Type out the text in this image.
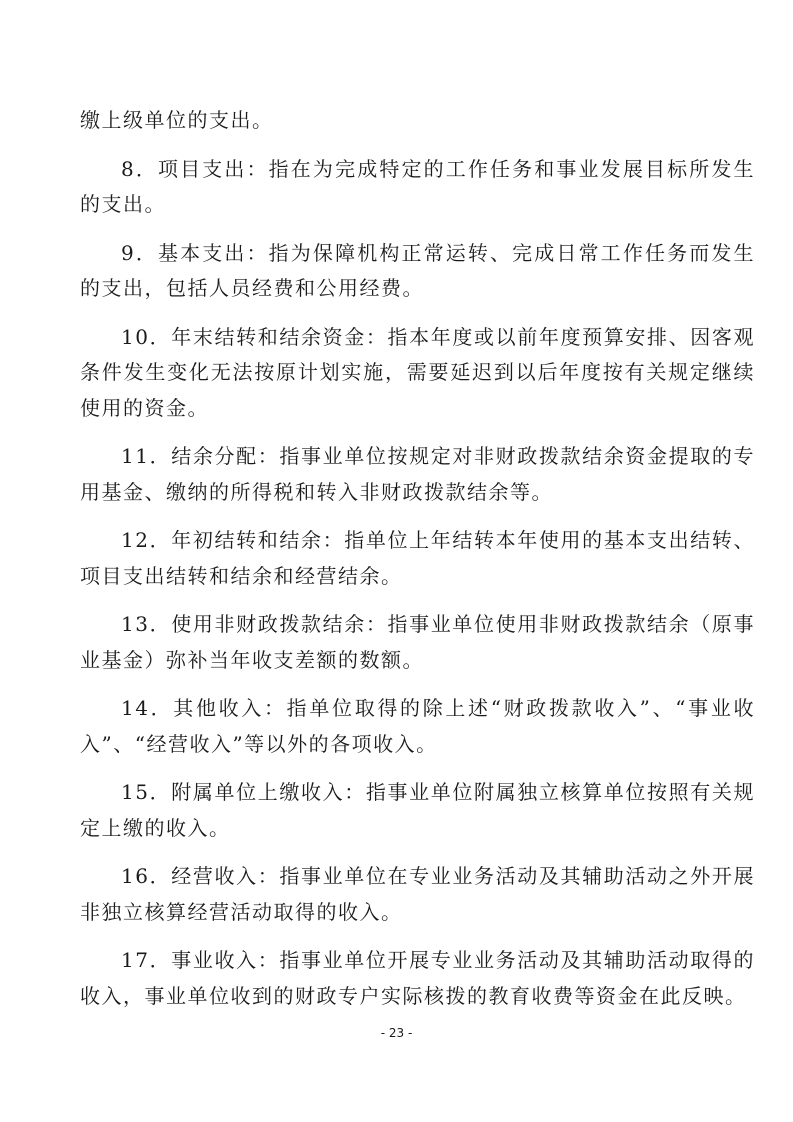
缴上级单位的支出。

8．项目支出：指在为完成特定的工作任务和事业发展目标所发生的支出。

9．基本支出：指为保障机构正常运转、完成日常工作任务而发生的支出，包括人员经费和公用经费。

10．年末结转和结余资金：指本年度或以前年度预算安排、因客观条件发生变化无法按原计划实施，需要延迟到以后年度按有关规定继续使用的资金。

11．结余分配：指事业单位按规定对非财政拨款结余资金提取的专用基金、缴纳的所得税和转入非财政拨款结余等。

12．年初结转和结余：指单位上年结转本年使用的基本支出结转、项目支出结转和结余和经营结余。

13．使用非财政拨款结余：指事业单位使用非财政拨款结余（原事业基金）弥补当年收支差额的数额。

14．其他收入：指单位取得的除上述“财政拨款收入”、“事业收入”、“经营收入”等以外的各项收入。

15．附属单位上缴收入：指事业单位附属独立核算单位按照有关规定上缴的收入。

16．经营收入：指事业单位在专业业务活动及其辅助活动之外开展非独立核算经营活动取得的收入。

17．事业收入：指事业单位开展专业业务活动及其辅助活动取得的收入，事业单位收到的财政专户实际核拨的教育收费等资金在此反映。

- 23 -
